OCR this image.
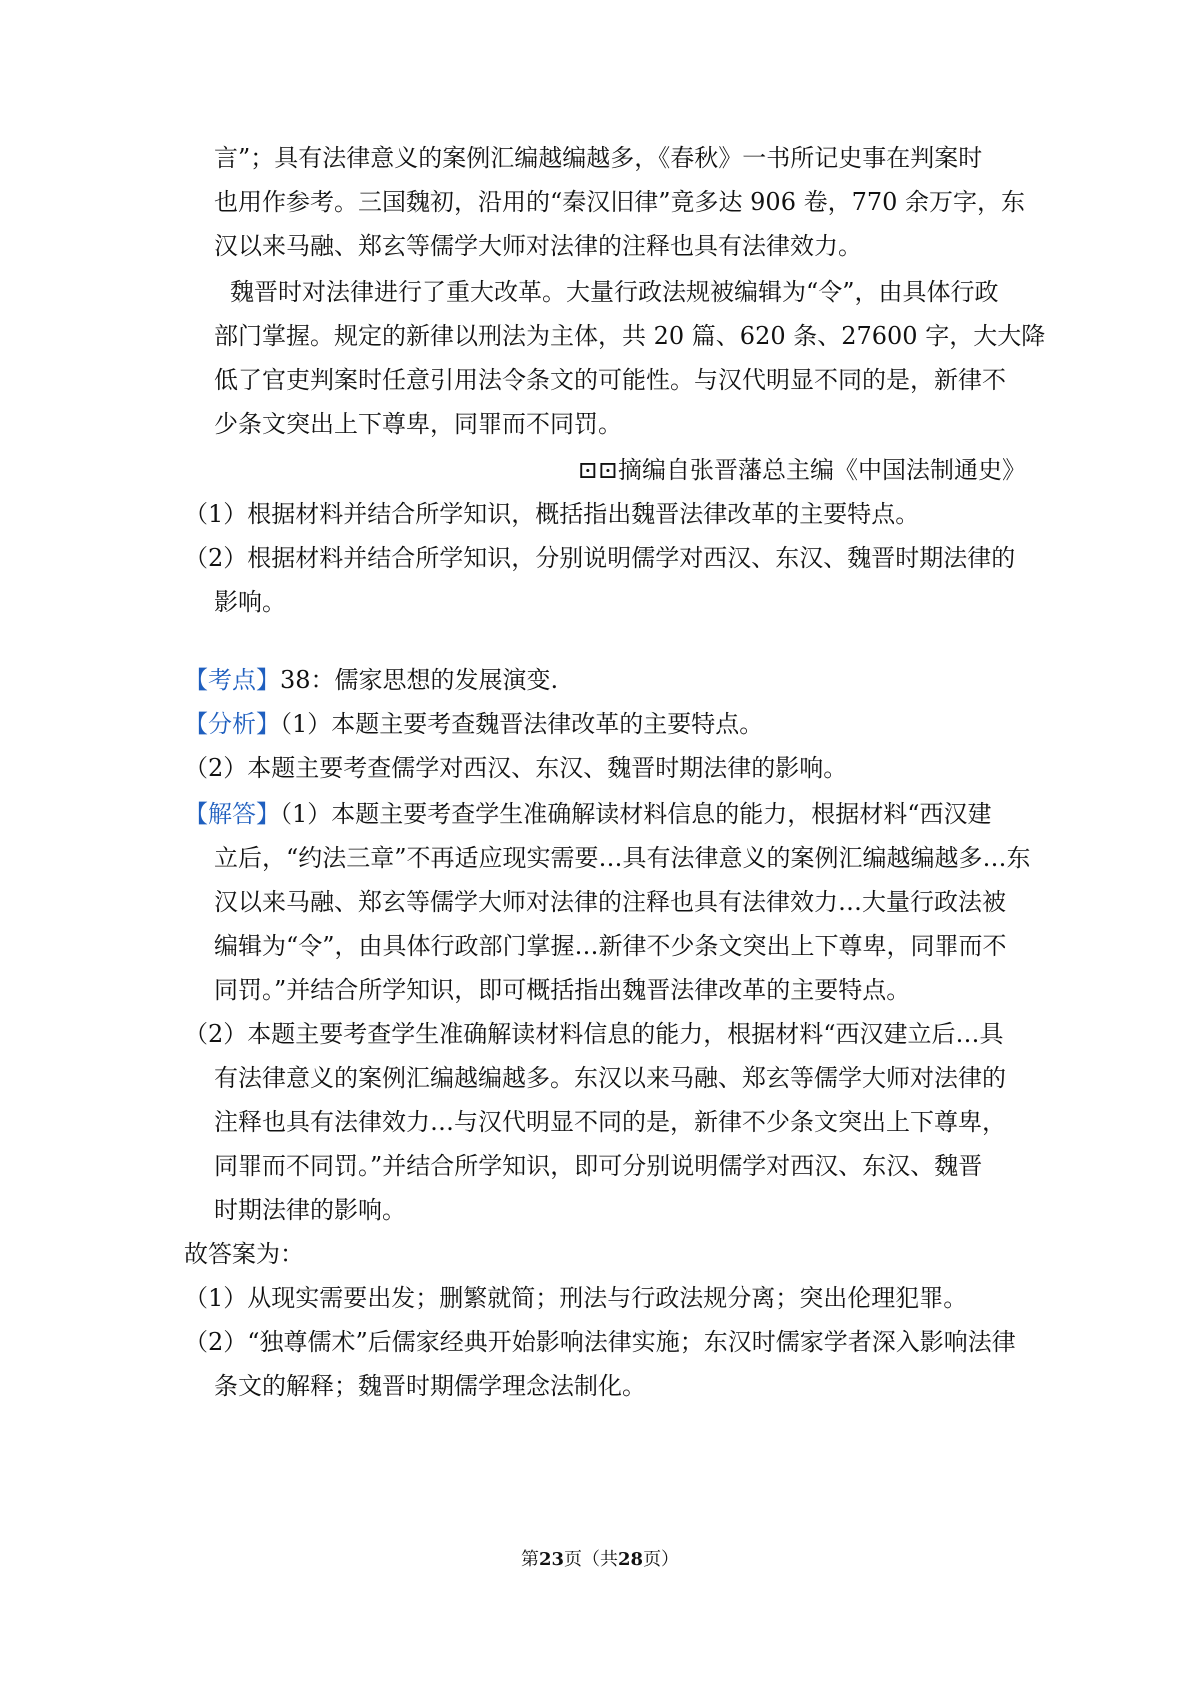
言”；具有法律意义的案例汇编越编越多，《春秋》一书所记史事在判案时
也用作参考。三国魏初，沿用的“秦汉旧律”竟多达 906 卷，770 余万字，东
汉以来马融、郑玄等儒学大师对法律的注释也具有法律效力。
魏晋时对法律进行了重大改革。大量行政法规被编辑为“令”，由具体行政
部门掌握。规定的新律以刑法为主体，共 20 篇、620 条、27600 字，大大降
低了官吏判案时任意引用法令条文的可能性。与汉代明显不同的是，新律不
少条文突出上下尊卑，同罪而不同罚。
⊡⊡摘编自张晋藩总主编《中国法制通史》
（1）根据材料并结合所学知识，概括指出魏晋法律改革的主要特点。
（2）根据材料并结合所学知识，分别说明儒学对西汉、东汉、魏晋时期法律的
影响。
【考点】38：儒家思想的发展演变.
【分析】（1）本题主要考查魏晋法律改革的主要特点。
（2）本题主要考查儒学对西汉、东汉、魏晋时期法律的影响。
【解答】（1）本题主要考查学生准确解读材料信息的能力，根据材料“西汉建
立后，“约法三章”不再适应现实需要…具有法律意义的案例汇编越编越多…东
汉以来马融、郑玄等儒学大师对法律的注释也具有法律效力…大量行政法被
编辑为“令”，由具体行政部门掌握…新律不少条文突出上下尊卑，同罪而不
同罚。”并结合所学知识，即可概括指出魏晋法律改革的主要特点。
（2）本题主要考查学生准确解读材料信息的能力，根据材料“西汉建立后…具
有法律意义的案例汇编越编越多。东汉以来马融、郑玄等儒学大师对法律的
注释也具有法律效力…与汉代明显不同的是，新律不少条文突出上下尊卑，
同罪而不同罚。”并结合所学知识，即可分别说明儒学对西汉、东汉、魏晋
时期法律的影响。
故答案为：
（1）从现实需要出发；删繁就简；刑法与行政法规分离；突出伦理犯罪。
（2）“独尊儒术”后儒家经典开始影响法律实施；东汉时儒家学者深入影响法律
条文的解释；魏晋时期儒学理念法制化。
第23页（共28页）
